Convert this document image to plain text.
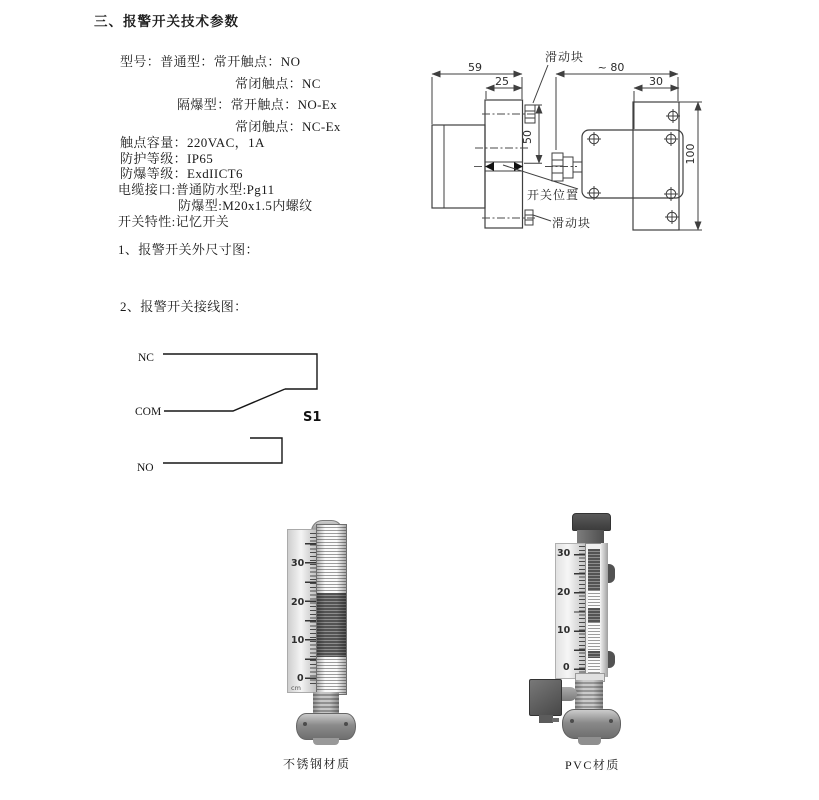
三、报警开关技术参数
型号：普通型：常开触点：NO
常闭触点：NC
隔爆型：常开触点：NO-Ex
常闭触点：NC-Ex
触点容量：220VAC，1A
防护等级：IP65
防爆等级：ExdIICT6
电缆接口:普通防水型:Pg11
防爆型:M20x1.5内螺纹
开关特性:记忆开关
1、报警开关外尺寸图：
2、报警开关接线图：
59
25
50
滑动块
开关位置
滑动块
~ 80
30
100
NC
COM	S1
NO
30
20
10
0
cm
30
20
10
0
不锈钢材质	PVC材质
